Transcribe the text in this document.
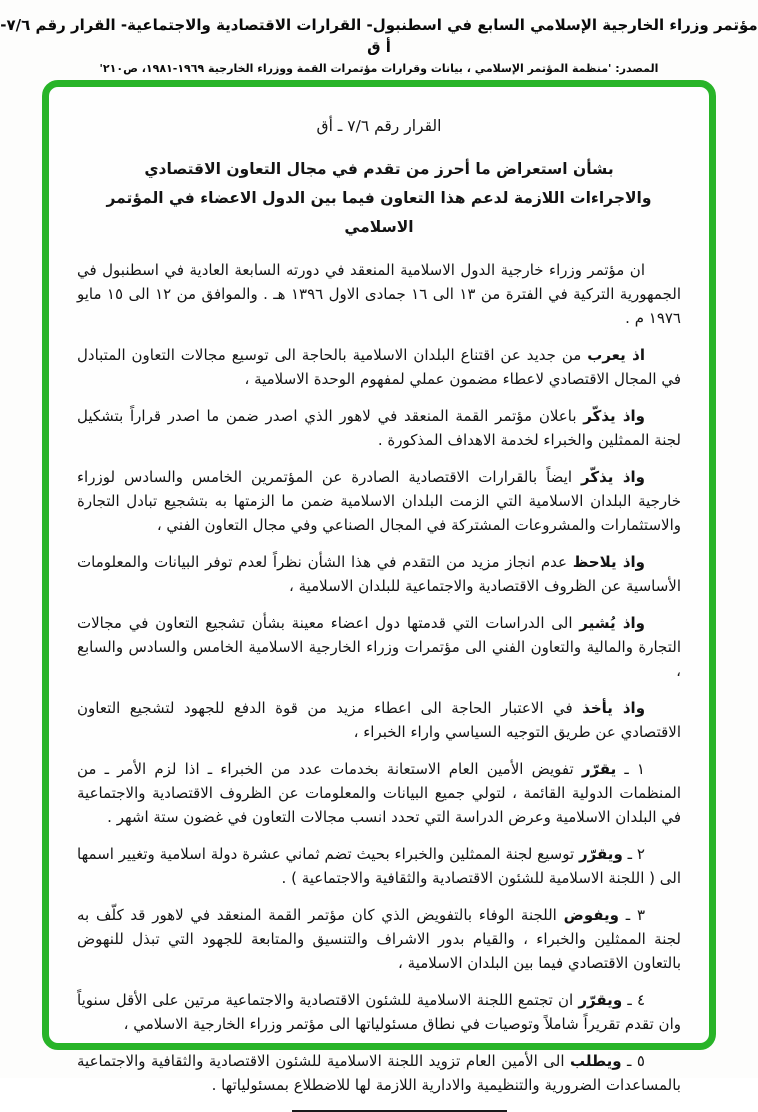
مؤتمر وزراء الخارجية الإسلامي السابع في اسطنبول- القرارات الاقتصادية والاجتماعية- القرار رقم ٧/٦- أ ق
المصدر: 'منظمة المؤتمر الإسلامي ، بيانات وقرارات مؤتمرات القمة ووزراء الخارجية ١٩٦٩-١٩٨١، ص٢١٠'
القرار رقم ٧/٦ ـ أق
بشأن استعراض ما أحرز من تقدم في مجال التعاون الاقتصادي
والاجراءات اللازمة لدعم هذا التعاون فيما بين الدول الاعضاء في المؤتمر الاسلامي

ان مؤتمر وزراء خارجية الدول الاسلامية المنعقد في دورته السابعة العادية في اسطنبول في الجمهورية التركية في الفترة من ١٣ الى ١٦ جمادى الاول ١٣٩٦ هـ . والموافق من ١٢ الى ١٥ مايو ١٩٧٦ م .

اذ يعرب من جديد عن اقتناع البلدان الاسلامية بالحاجة الى توسيع مجالات التعاون المتبادل في المجال الاقتصادي لاعطاء مضمون عملي لمفهوم الوحدة الاسلامية ،

واذ يذكّر باعلان مؤتمر القمة المنعقد في لاهور الذي اصدر ضمن ما اصدر قراراً بتشكيل لجنة الممثلين والخبراء لخدمة الاهداف المذكورة .

واذ يذكّر ايضاً بالقرارات الاقتصادية الصادرة عن المؤتمرين الخامس والسادس لوزراء خارجية البلدان الاسلامية التي الزمت البلدان الاسلامية ضمن ما الزمتها به بتشجيع تبادل التجارة والاستثمارات والمشروعات المشتركة في المجال الصناعي وفي مجال التعاون الفني ،

واذ يلاحظ عدم انجاز مزيد من التقدم في هذا الشأن نظراً لعدم توفر البيانات والمعلومات الأساسية عن الظروف الاقتصادية والاجتماعية للبلدان الاسلامية ،

واذ يُشير الى الدراسات التي قدمتها دول اعضاء معينة بشأن تشجيع التعاون في مجالات التجارة والمالية والتعاون الفني الى مؤتمرات وزراء الخارجية الاسلامية الخامس والسادس والسابع ،

واذ يأخذ في الاعتبار الحاجة الى اعطاء مزيد من قوة الدفع للجهود لتشجيع التعاون الاقتصادي عن طريق التوجيه السياسي واراء الخبراء ،

١ ـ يقرّر تفويض الأمين العام الاستعانة بخدمات عدد من الخبراء ـ اذا لزم الأمر ـ من المنظمات الدولية القائمة ، لتولي جميع البيانات والمعلومات عن الظروف الاقتصادية والاجتماعية في البلدان الاسلامية وعرض الدراسة التي تحدد انسب مجالات التعاون في غضون ستة اشهر .

٢ ـ ويقرّر توسيع لجنة الممثلين والخبراء بحيث تضم ثماني عشرة دولة اسلامية وتغيير اسمها الى ( اللجنة الاسلامية للشئون الاقتصادية والثقافية والاجتماعية ) .

٣ ـ ويفوض اللجنة الوفاء بالتفويض الذي كان مؤتمر القمة المنعقد في لاهور قد كلّف به لجنة الممثلين والخبراء ، والقيام بدور الاشراف والتنسيق والمتابعة للجهود التي تبذل للنهوض بالتعاون الاقتصادي فيما بين البلدان الاسلامية ،

٤ ـ ويقرّر ان تجتمع اللجنة الاسلامية للشئون الاقتصادية والاجتماعية مرتين على الأقل سنوياً وان تقدم تقريراً شاملاً وتوصيات في نطاق مسئولياتها الى مؤتمر وزراء الخارجية الاسلامي ،

٥ ـ ويطلب الى الأمين العام تزويد اللجنة الاسلامية للشئون الاقتصادية والثقافية والاجتماعية بالمساعدات الضرورية والتنظيمية والادارية اللازمة لها للاضطلاع بمسئولياتها .
